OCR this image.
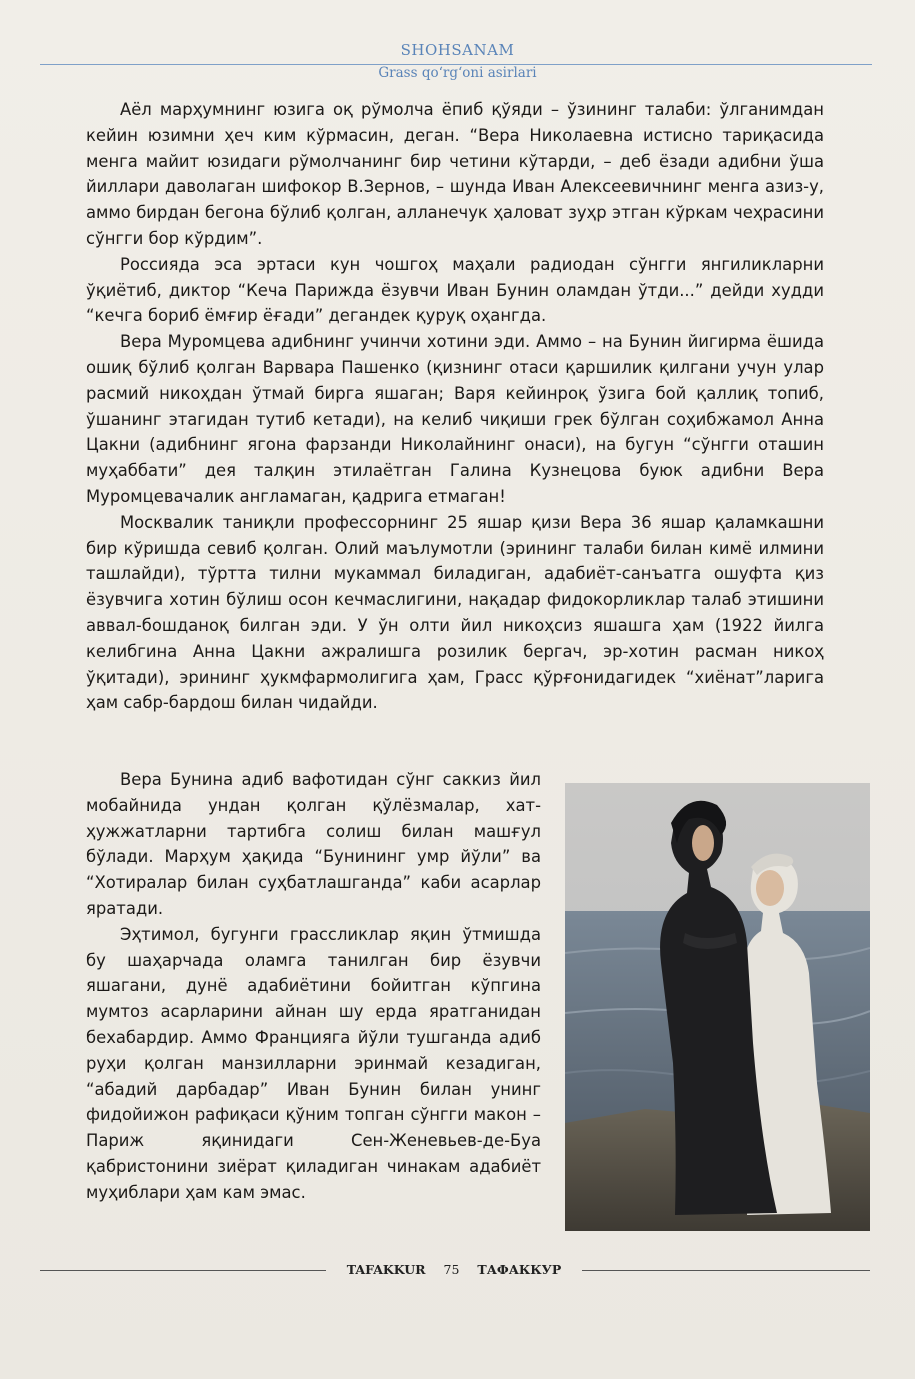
SHOHSANAM
Grass qo‘rg‘oni asirlari

Аёл марҳумнинг юзига оқ рўмолча ёпиб қўяди – ўзининг талаби: ўлганимдан кейин юзимни ҳеч ким кўрмасин, деган. “Вера Николаевна истисно тариқасида менга майит юзидаги рўмолчанинг бир четини кўтарди, – деб ёзади адибни ўша йиллари даволаган шифокор В.Зернов, – шунда Иван Алексеевичнинг менга азиз-у, аммо бирдан бегона бўлиб қолган, алланечук ҳаловат зуҳр этган кўркам чеҳрасини сўнгги бор кўрдим”.

Россияда эса эртаси кун чошгоҳ маҳали радиодан сўнгги янгиликларни ўқиётиб, диктор “Кеча Парижда ёзувчи Иван Бунин оламдан ўтди...” дейди худди “кечга бориб ёмғир ёғади” дегандек қуруқ оҳангда.

Вера Муромцева адибнинг учинчи хотини эди. Аммо – на Бунин йигирма ёшида ошиқ бўлиб қолган Варвара Пашенко (қизнинг отаси қаршилик қилгани учун улар расмий никоҳдан ўтмай бирга яшаган; Варя кейинроқ ўзига бой қаллиқ топиб, ўшанинг этагидан тутиб кетади), на келиб чиқиши грек бўлган соҳибжамол Анна Цакни (адибнинг ягона фарзанди Николайнинг онаси), на бугун “сўнгги оташин муҳаббати” дея талқин этилаётган Галина Кузнецова буюк адибни Вера Муромцевачалик англамаган, қадрига етмаган!

Москвалик таниқли профессорнинг 25 яшар қизи Вера 36 яшар қаламкашни бир кўришда севиб қолган. Олий маълумотли (эрининг талаби билан кимё илмини ташлайди), тўртта тилни мукаммал биладиган, адабиёт-санъатга ошуфта қиз ёзувчига хотин бўлиш осон кечмаслигини, нақадар фидокорликлар талаб этишини аввал-бошданоқ билган эди. У ўн олти йил никоҳсиз яшашга ҳам (1922 йилга келибгина Анна Цакни ажралишга розилик бергач, эр-хотин расман никоҳ ўқитади), эрининг ҳукмфармолигига ҳам, Грасс қўрғонидагидек “хиёнат”ларига ҳам сабр-бардош билан чидайди.

Вера Бунина адиб вафотидан сўнг саккиз йил мобайнида ундан қолган қўлёзмалар, хат-ҳужжатларни тартибга солиш билан машғул бўлади. Марҳум ҳақида “Бунининг умр йўли” ва “Хотиралар билан суҳбатлашганда” каби асарлар яратади.

Эҳтимол, бугунги грассликлар яқин ўтмишда бу шаҳарчада оламга танилган бир ёзувчи яшагани, дунё адабиётини бойитган кўпгина мумтоз асарларини айнан шу ерда яратганидан бехабардир. Аммо Францияга йўли тушганда адиб руҳи қолган манзилларни эринмай кезадиган, “абадий дарбадар” Иван Бунин билан унинг фидойижон рафиқаси қўним топган сўнгги макон – Париж яқинидаги Сен-Женевьев-де-Буа қабристонини зиёрат қиладиган чинакам адабиёт муҳиблари ҳам кам эмас.

TAFAKKUR 75 ТАФАККУР
